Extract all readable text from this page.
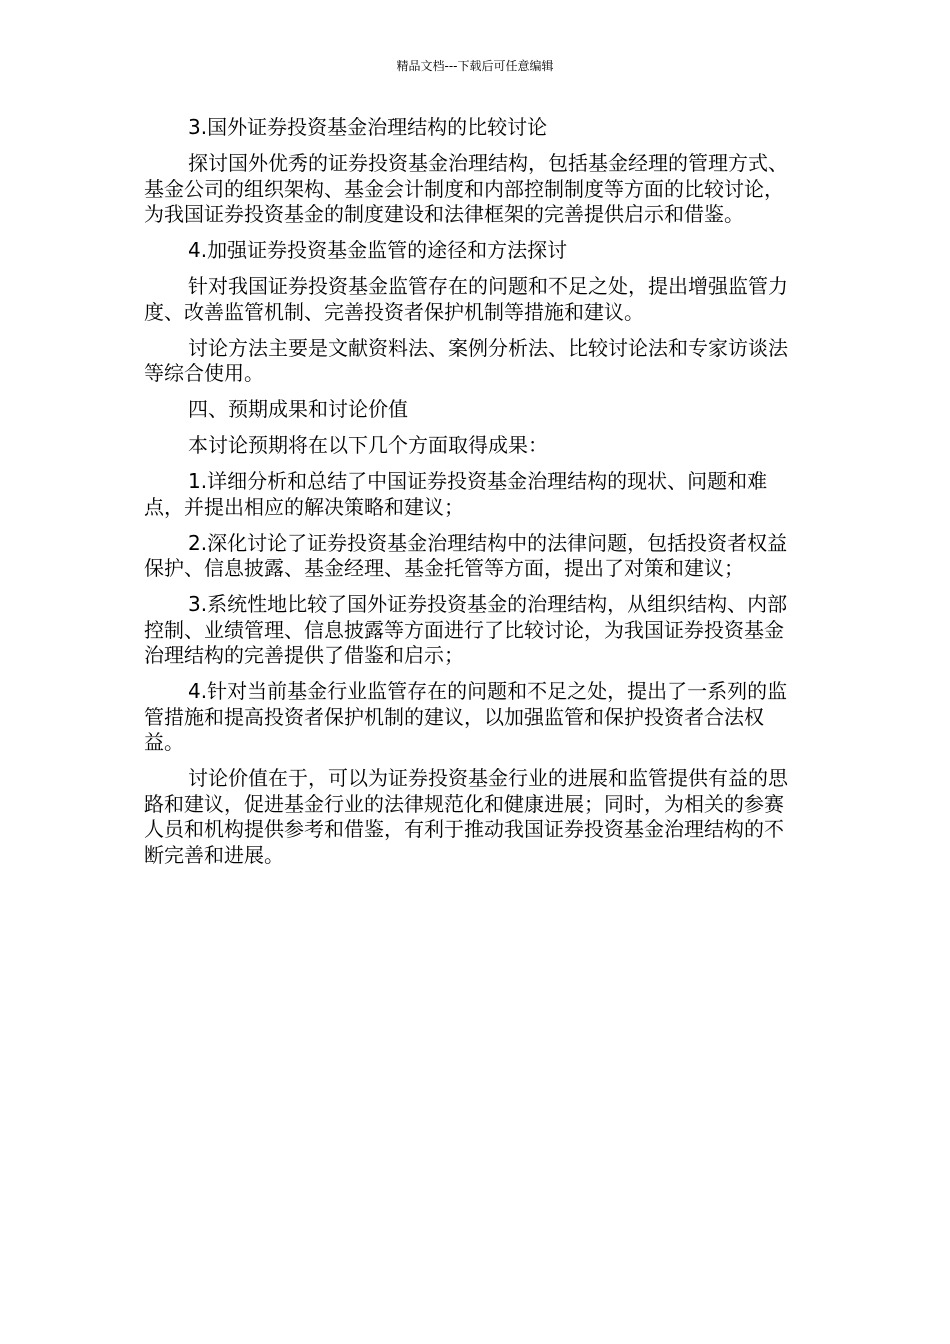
精品文档---下载后可任意编辑

3.国外证券投资基金治理结构的比较讨论

探讨国外优秀的证券投资基金治理结构，包括基金经理的管理方式、基金公司的组织架构、基金会计制度和内部控制制度等方面的比较讨论，为我国证券投资基金的制度建设和法律框架的完善提供启示和借鉴。

4.加强证券投资基金监管的途径和方法探讨

针对我国证券投资基金监管存在的问题和不足之处，提出增强监管力度、改善监管机制、完善投资者保护机制等措施和建议。

讨论方法主要是文献资料法、案例分析法、比较讨论法和专家访谈法等综合使用。

四、预期成果和讨论价值

本讨论预期将在以下几个方面取得成果：

1.详细分析和总结了中国证券投资基金治理结构的现状、问题和难点，并提出相应的解决策略和建议；

2.深化讨论了证券投资基金治理结构中的法律问题，包括投资者权益保护、信息披露、基金经理、基金托管等方面，提出了对策和建议；

3.系统性地比较了国外证券投资基金的治理结构，从组织结构、内部控制、业绩管理、信息披露等方面进行了比较讨论，为我国证券投资基金治理结构的完善提供了借鉴和启示；

4.针对当前基金行业监管存在的问题和不足之处，提出了一系列的监管措施和提高投资者保护机制的建议，以加强监管和保护投资者合法权益。

讨论价值在于，可以为证券投资基金行业的进展和监管提供有益的思路和建议，促进基金行业的法律规范化和健康进展；同时，为相关的参赛人员和机构提供参考和借鉴，有利于推动我国证券投资基金治理结构的不断完善和进展。
